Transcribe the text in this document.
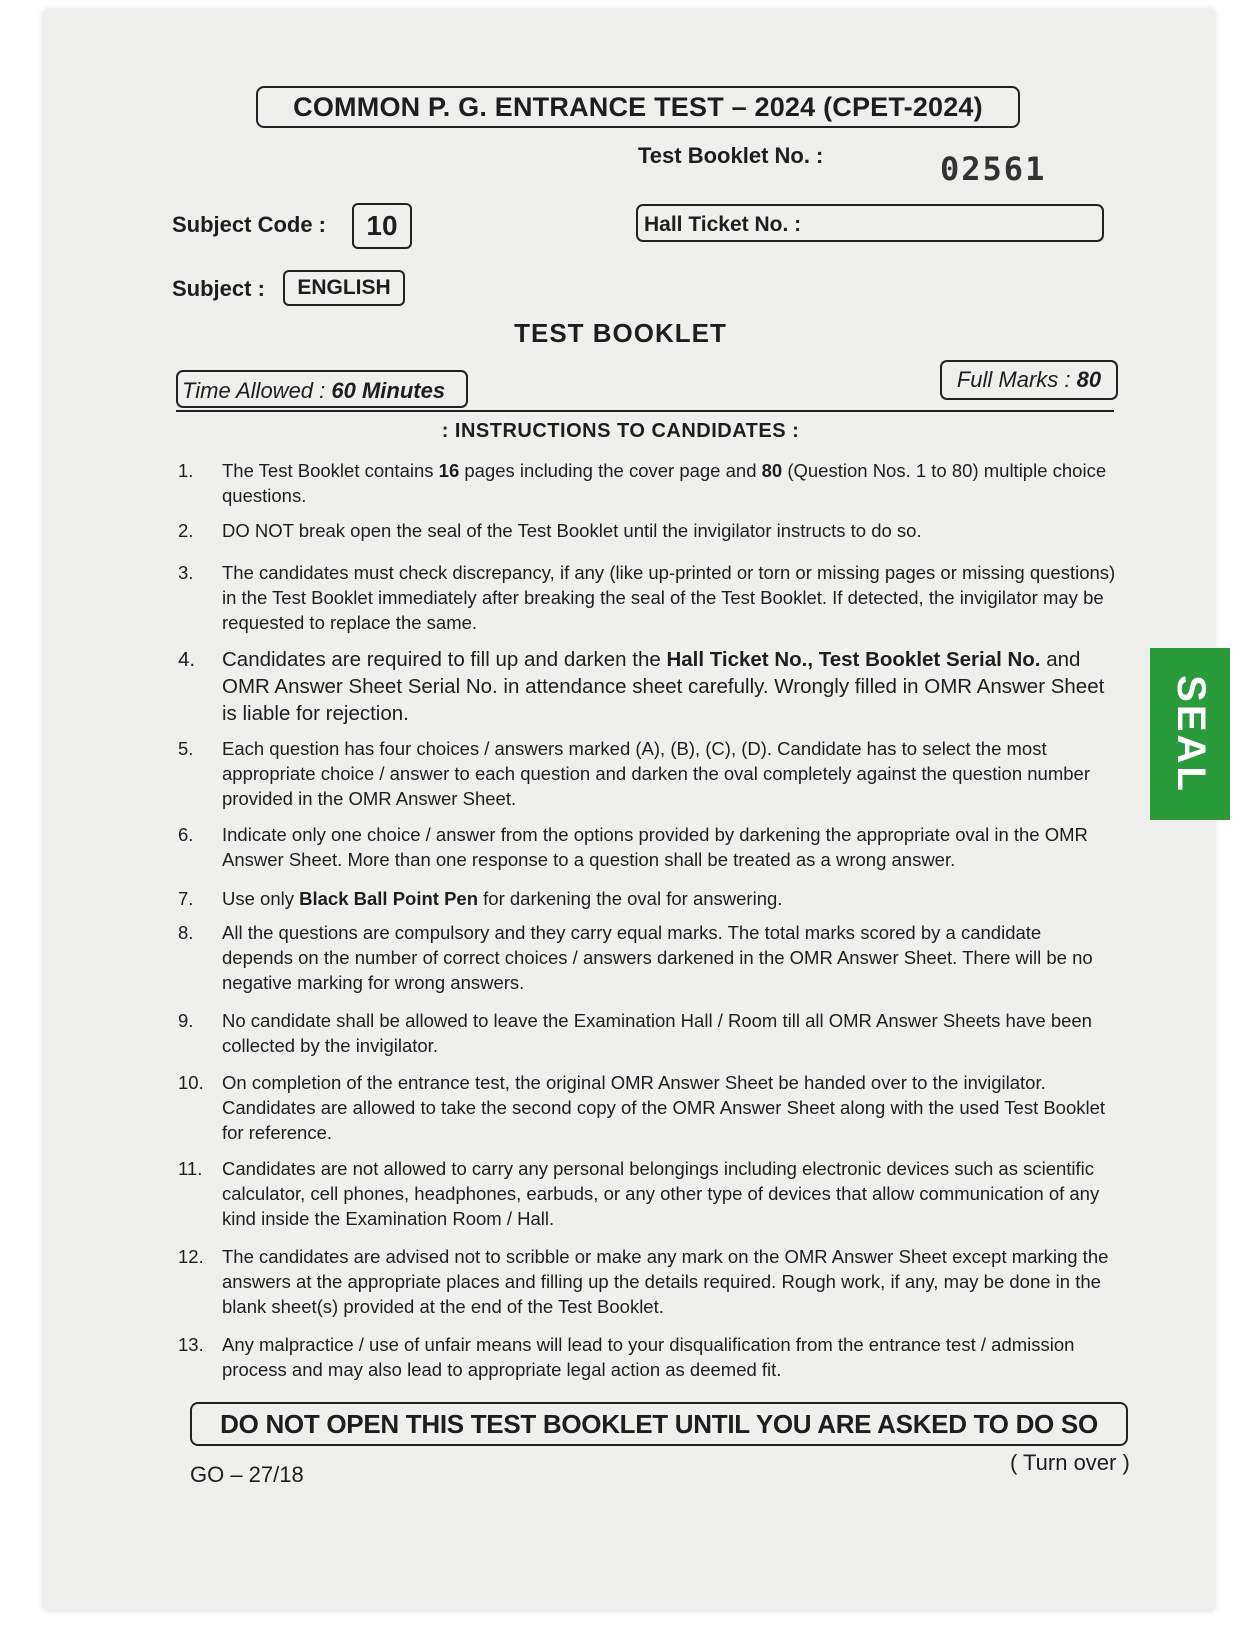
COMMON P. G. ENTRANCE TEST – 2024 (CPET-2024)
Test Booklet No. :	02561
Subject Code :	10	Hall Ticket No. :
Subject :	ENGLISH
TEST BOOKLET
Time Allowed : 60 Minutes	Full Marks : 80
: INSTRUCTIONS TO CANDIDATES :
1.	The Test Booklet contains 16 pages including the cover page and 80 (Question Nos. 1 to 80) multiple choice questions.
2.	DO NOT break open the seal of the Test Booklet until the invigilator instructs to do so.
3.	The candidates must check discrepancy, if any (like up-printed or torn or missing pages or missing questions) in the Test Booklet immediately after breaking the seal of the Test Booklet. If detected, the invigilator may be requested to replace the same.
4.	Candidates are required to fill up and darken the Hall Ticket No., Test Booklet Serial No. and OMR Answer Sheet Serial No. in attendance sheet carefully. Wrongly filled in OMR Answer Sheet is liable for rejection.
5.	Each question has four choices / answers marked (A), (B), (C), (D). Candidate has to select the most appropriate choice / answer to each question and darken the oval completely against the question number provided in the OMR Answer Sheet.
6.	Indicate only one choice / answer from the options provided by darkening the appropriate oval in the OMR Answer Sheet. More than one response to a question shall be treated as a wrong answer.
7.	Use only Black Ball Point Pen for darkening the oval for answering.
8.	All the questions are compulsory and they carry equal marks. The total marks scored by a candidate depends on the number of correct choices / answers darkened in the OMR Answer Sheet. There will be no negative marking for wrong answers.
9.	No candidate shall be allowed to leave the Examination Hall / Room till all OMR Answer Sheets have been collected by the invigilator.
10. On completion of the entrance test, the original OMR Answer Sheet be handed over to the invigilator. Candidates are allowed to take the second copy of the OMR Answer Sheet along with the used Test Booklet for reference.
11.	Candidates are not allowed to carry any personal belongings including electronic devices such as scientific calculator, cell phones, headphones, earbuds, or any other type of devices that allow communication of any kind inside the Examination Room / Hall.
12. The candidates are advised not to scribble or make any mark on the OMR Answer Sheet except marking the answers at the appropriate places and filling up the details required. Rough work, if any, may be done in the blank sheet(s) provided at the end of the Test Booklet.
13. Any malpractice / use of unfair means will lead to your disqualification from the entrance test / admission process and may also lead to appropriate legal action as deemed fit.
SEAL
DO NOT OPEN THIS TEST BOOKLET UNTIL YOU ARE ASKED TO DO SO
GO – 27/18	( Turn over )
